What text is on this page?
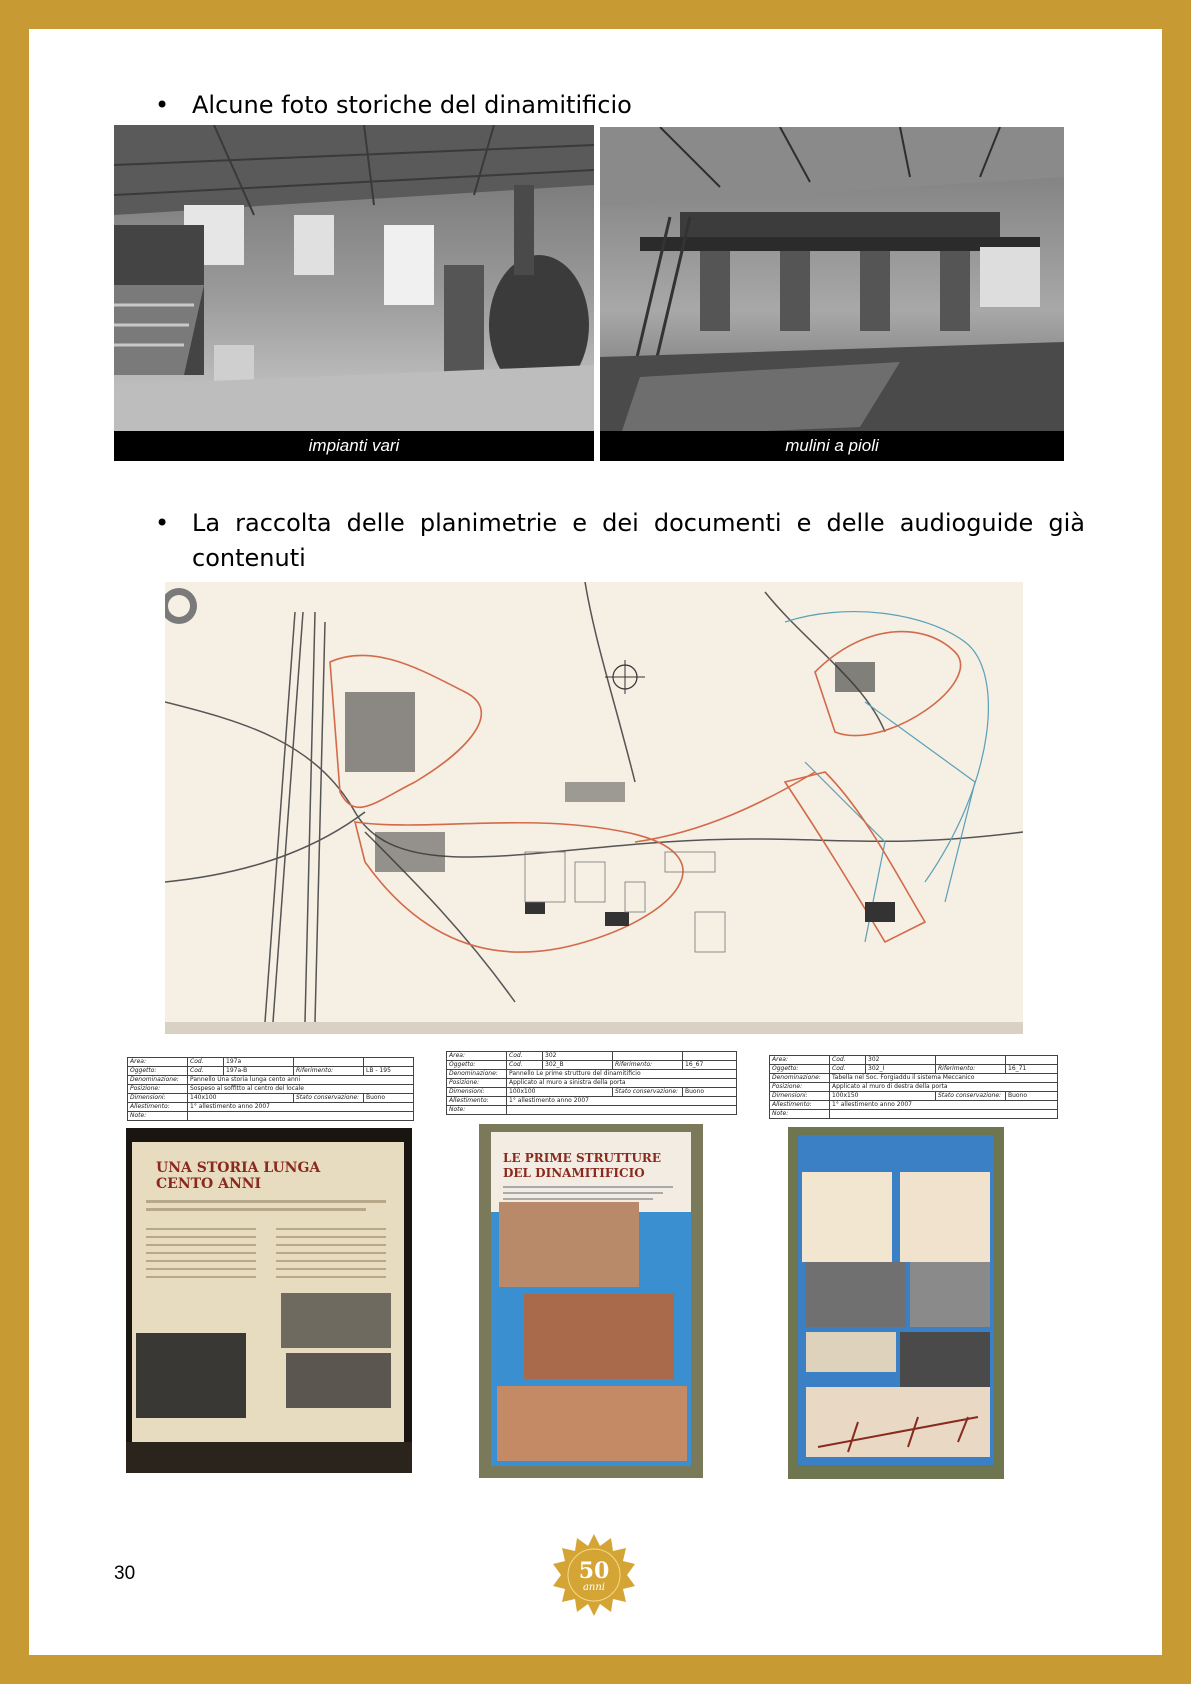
• Alcune foto storiche del dinamitificio
impianti vari	mulini a pioli
• La raccolta delle planimetrie e dei documenti e delle audioguide già contenuti
Area:	Cod.	197a		
Oggetto:	Cod.	197a-B	Riferimento:	LB - 195
Denominazione:	Pannello Una storia lunga cento anni			
Posizione:	Sospeso al soffitto al centro del locale			
Dimensioni:	140x100		Stato conservazione:	Buono
Allestimento:	1° allestimento anno 2007			
Note:				
Area:	Cod.	302		
Oggetto:	Cod.	302_B	Riferimento:	16_67
Denominazione:	Pannello Le prime strutture del dinamitificio			
Posizione:	Applicato al muro a sinistra della porta			
Dimensioni:	100x100		Stato conservazione:	Buono
Allestimento:	1° allestimento anno 2007			
Note:				
Area:	Cod.	302		
Oggetto:	Cod.	302_I	Riferimento:	16_71
Denominazione:	Tabella nel Soc. Forgiaddu il sistema Meccanico			
Posizione:	Applicato al muro di destra della porta			
Dimensioni:	100x150		Stato conservazione:	Buono
Allestimento:	1° allestimento anno 2007			
Note:				
UNA STORIA LUNGA
CENTO ANNI
LE PRIME STRUTTURE
DEL DINAMITIFICIO
30	50
anni
